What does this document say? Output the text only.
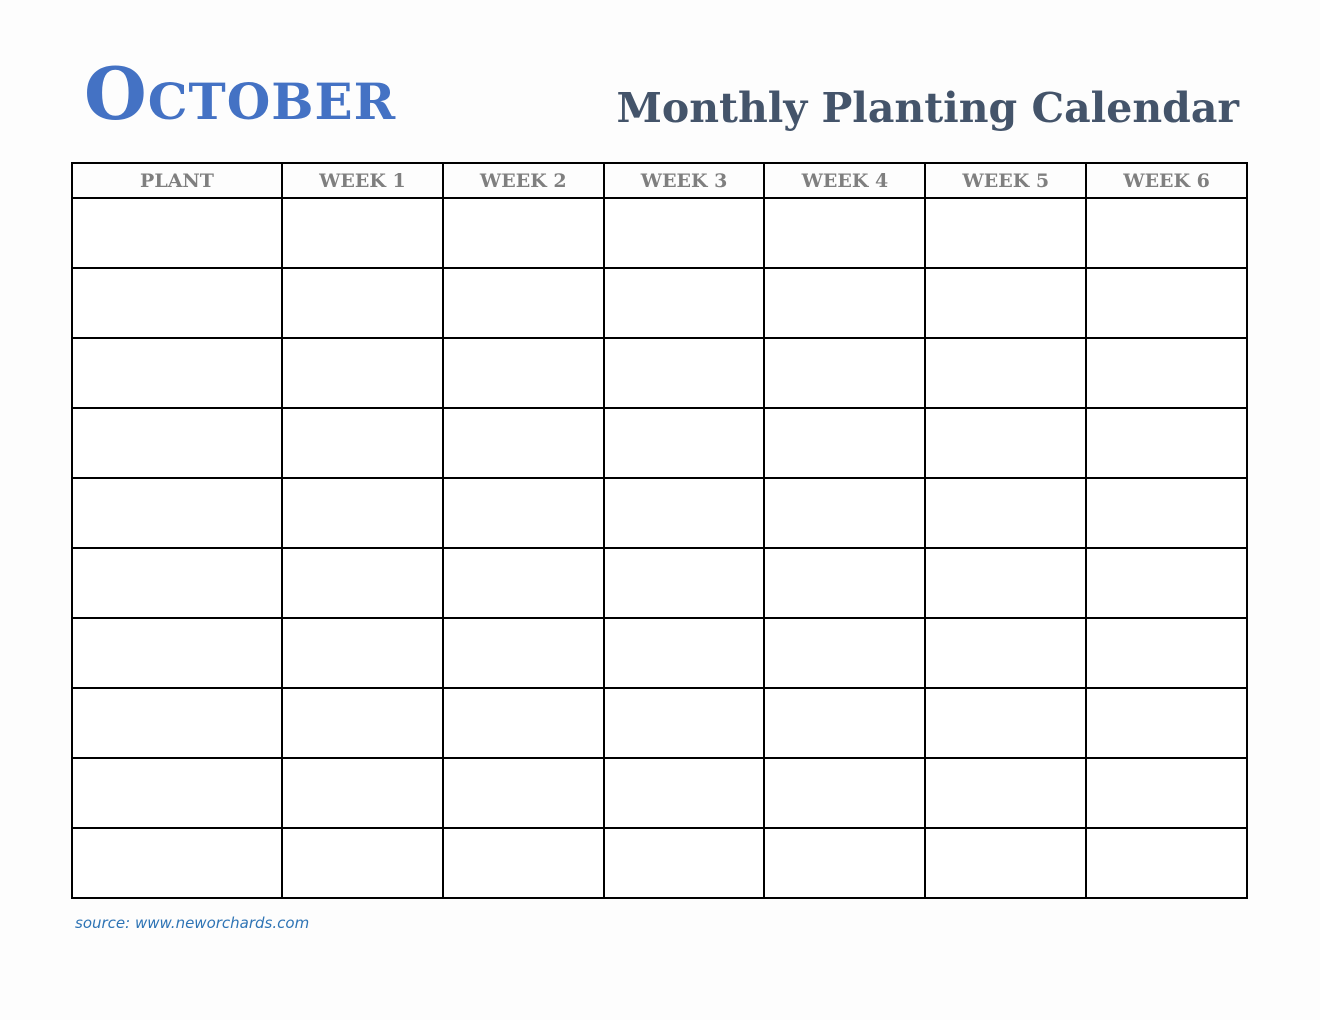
October	Monthly Planting Calendar
PLANT	WEEK 1	WEEK 2	WEEK 3	WEEK 4	WEEK 5	WEEK 6

source: www.neworchards.com
